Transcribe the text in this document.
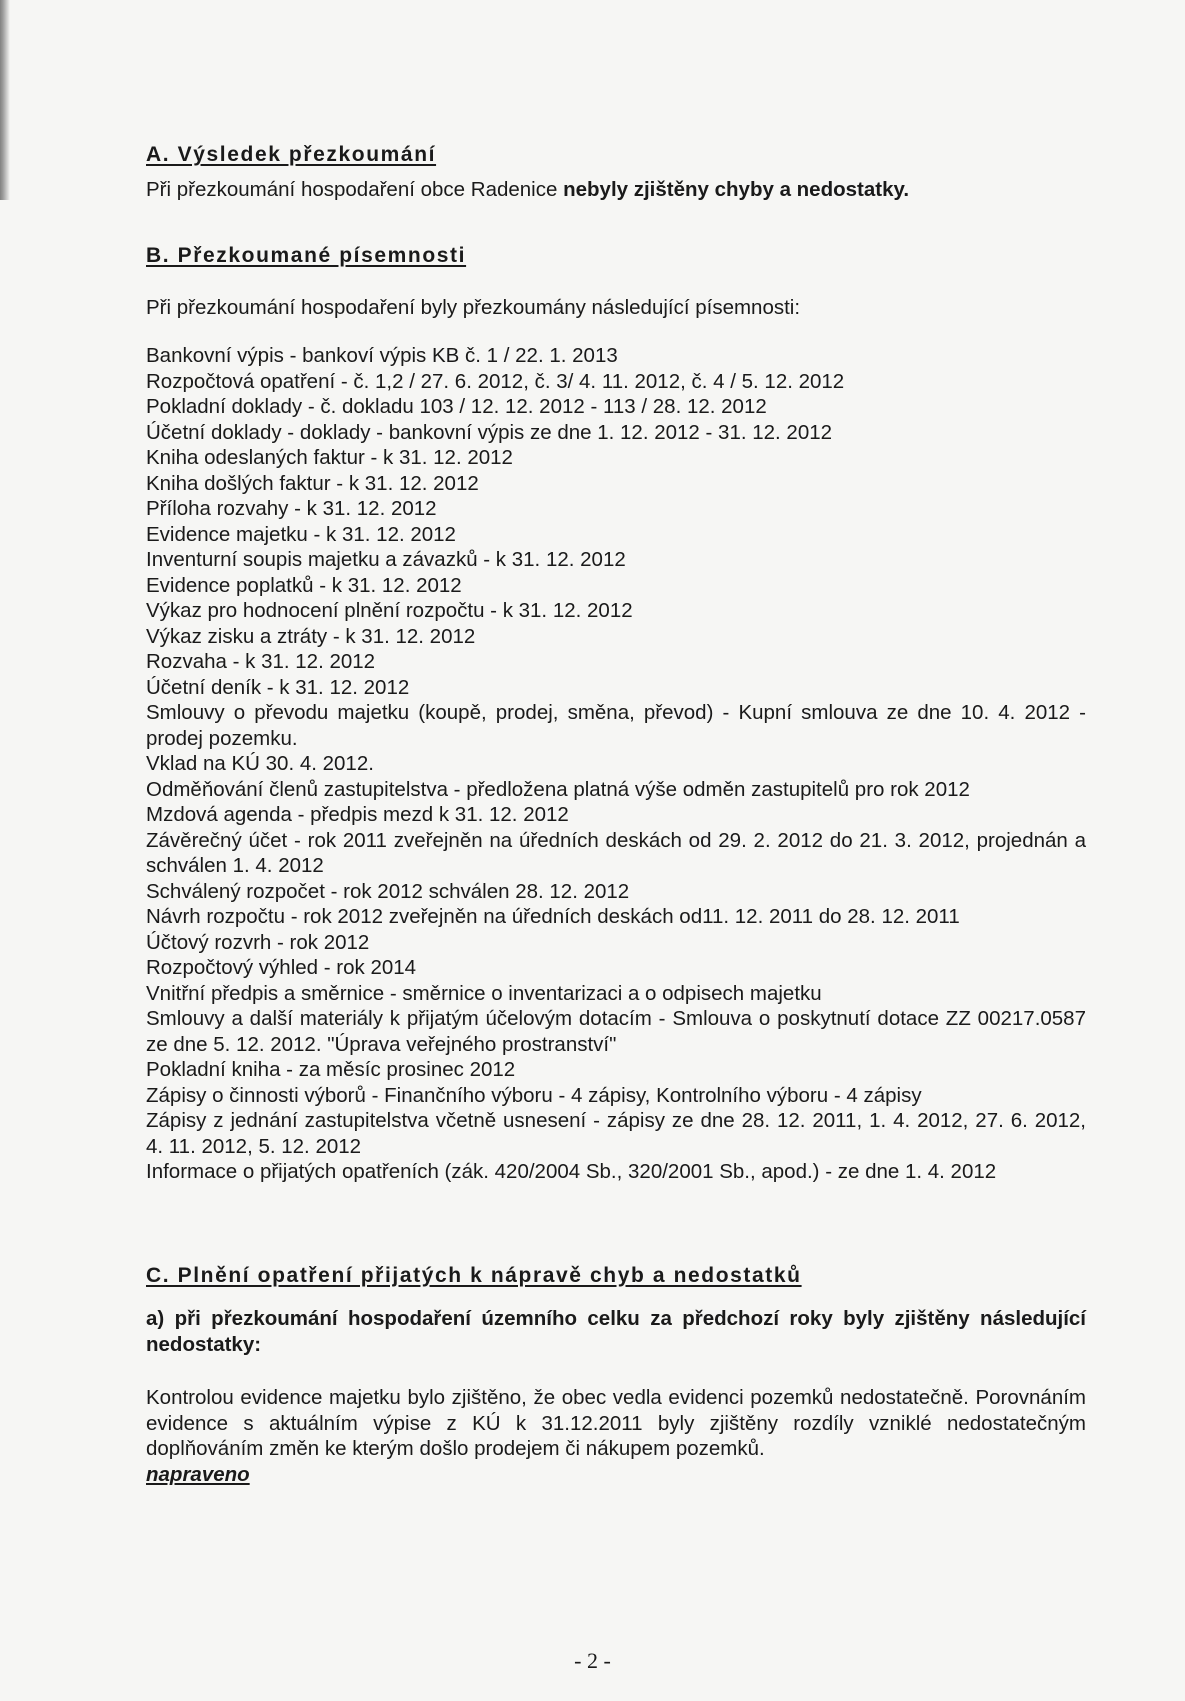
A. Výsledek přezkoumání

Při přezkoumání hospodaření obce Radenice nebyly zjištěny chyby a nedostatky.

B. Přezkoumané písemnosti

Při přezkoumání hospodaření byly přezkoumány následující písemnosti:

Bankovní výpis - bankoví výpis KB č. 1 / 22. 1. 2013

Rozpočtová opatření - č. 1,2 / 27. 6. 2012, č. 3/ 4. 11. 2012, č. 4 / 5. 12. 2012

Pokladní doklady - č. dokladu 103 / 12. 12. 2012 - 113 / 28. 12. 2012

Účetní doklady - doklady - bankovní výpis ze dne 1. 12. 2012 - 31. 12. 2012

Kniha odeslaných faktur - k 31. 12. 2012

Kniha došlých faktur - k 31. 12. 2012

Příloha rozvahy - k 31. 12. 2012

Evidence majetku - k 31. 12. 2012

Inventurní soupis majetku a závazků - k 31. 12. 2012

Evidence poplatků - k 31. 12. 2012

Výkaz pro hodnocení plnění rozpočtu - k 31. 12. 2012

Výkaz zisku a ztráty - k 31. 12. 2012

Rozvaha - k 31. 12. 2012

Účetní deník - k 31. 12. 2012

Smlouvy o převodu majetku (koupě, prodej, směna, převod) - Kupní smlouva ze dne 10. 4. 2012 - prodej pozemku.

Vklad na KÚ 30. 4. 2012.

Odměňování členů zastupitelstva - předložena platná výše odměn zastupitelů pro rok 2012

Mzdová agenda - předpis mezd k 31. 12. 2012

Závěrečný účet - rok 2011 zveřejněn na úředních deskách od 29. 2. 2012 do 21. 3. 2012, projednán a schválen 1. 4. 2012

Schválený rozpočet - rok 2012 schválen 28. 12. 2012

Návrh rozpočtu - rok 2012 zveřejněn na úředních deskách od11. 12. 2011 do 28. 12. 2011

Účtový rozvrh - rok 2012

Rozpočtový výhled - rok 2014

Vnitřní předpis a směrnice - směrnice o inventarizaci a o odpisech majetku

Smlouvy a další materiály k přijatým účelovým dotacím - Smlouva o poskytnutí dotace ZZ 00217.0587 ze dne 5. 12. 2012. "Úprava veřejného prostranství"

Pokladní kniha - za měsíc prosinec 2012

Zápisy o činnosti výborů - Finančního výboru - 4 zápisy, Kontrolního výboru - 4 zápisy

Zápisy z jednání zastupitelstva včetně usnesení - zápisy ze dne 28. 12. 2011, 1. 4. 2012, 27. 6. 2012, 4. 11. 2012, 5. 12. 2012

Informace o přijatých opatřeních (zák. 420/2004 Sb., 320/2001 Sb., apod.) - ze dne 1. 4. 2012

C. Plnění opatření přijatých k nápravě chyb a nedostatků

a) při přezkoumání hospodaření územního celku za předchozí roky byly zjištěny následující nedostatky:

Kontrolou evidence majetku bylo zjištěno, že obec vedla evidenci pozemků nedostatečně. Porovnáním evidence s aktuálním výpise z KÚ k 31.12.2011 byly zjištěny rozdíly vzniklé nedostatečným doplňováním změn ke kterým došlo prodejem či nákupem pozemků.

napraveno

- 2 -
